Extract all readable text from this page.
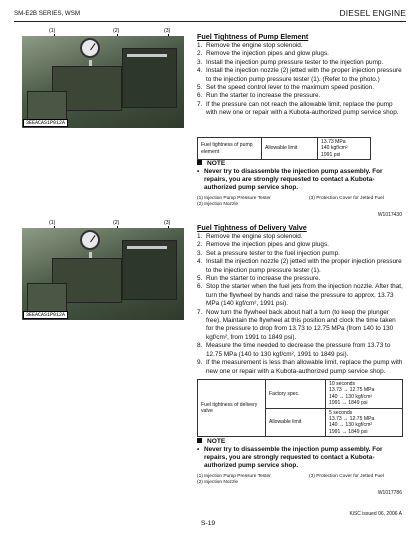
SM-E2B SERIES, WSM	DIESEL ENGINE
(1)	(2)	(3)
3EEACAS1P012A
Fuel Tightness of Pump Element
1. Remove the engine stop solenoid.
2. Remove the injection pipes and glow plugs.
3. Install the injection pump pressure tester to the injection pump.
4. Install the injection nozzle (2) jetted with the proper injection pressure to the injection pump pressure tester (1). (Refer to the photo.)
5. Set the speed control lever to the maximum speed position.
6. Run the starter to increase the pressure.
7. If the pressure can not reach the allowable limit, replace the pump with new one or repair with a Kubota-authorized pump service shop.
Fuel tightness of pump element	Allowable limit	
13.73 MPa
140 kgf/cm²
1991 psi
NOTE
• Never try to disassemble the injection pump assembly. For repairs, you are strongly requested to contact a Kubota-authorized pump service shop.
(1) Injection Pump Pressure Tester	(3) Protection Cover for Jetted Fuel
(2) Injection Nozzle
W1017430
(1)	(2)	(3)
3EEACAS1P012A
Fuel Tightness of Delivery Valve
1. Remove the engine stop solenoid.
2. Remove the injection pipes and glow plugs.
3. Set a pressure tester to the fuel injection pump.
4. Install the injection nozzle (2) jetted with the proper injection pressure to the injection pump pressure tester (1).
5. Run the starter to increase the pressure.
6. Stop the starter when the fuel jets from the injection nozzle. After that, turn the flywheel by hands and raise the pressure to approx. 13.73 MPa (140 kgf/cm², 1991 psi).
7. Now turn the flywheel back about half a turn (to keep the plunger free). Maintain the flywheel at this position and clock the time taken for the pressure to drop from 13.73 to 12.75 MPa (from 140 to 130 kgf/cm², from 1991 to 1849 psi).
8. Measure the time needed to decrease the pressure from 13.73 to 12.75 MPa (140 to 130 kgf/cm², 1991 to 1849 psi).
9. If the measurement is less than allowable limit, replace the pump with new one or repair with a Kubota-authorized pump service shop.
Fuel tightness of delivery valve	Factory spec.	10 seconds
13.73 → 12.75 MPa
140 → 130 kgf/cm²
1991 → 1849 psi

	Allowable limit	5 seconds
13.73 → 12.75 MPa
140 → 130 kgf/cm²
1991 → 1849 psi
NOTE
• Never try to disassemble the injection pump assembly. For repairs, you are strongly requested to contact a Kubota-authorized pump service shop.
(1) Injection Pump Pressure Tester	(3) Protection Cover for Jetted Fuel
(2) Injection Nozzle
W1017786
KiSC issued 06, 2006 A
S-19
